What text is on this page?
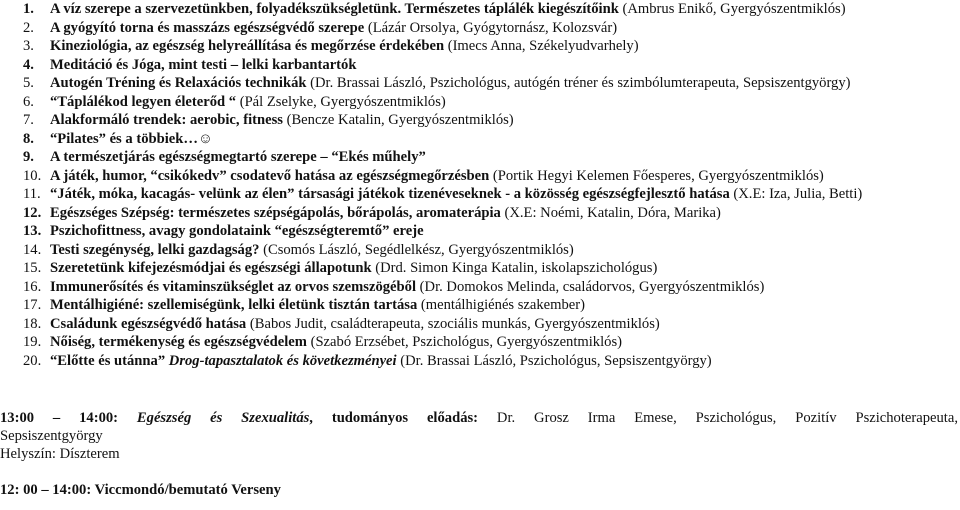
1. A víz szerepe a szervezetünkben, folyadékszükségletünk. Természetes táplálék kiegészítőink (Ambrus Enikő, Gyergyószentmiklós)
2. A gyógyító torna és masszázs egészségvédő szerepe (Lázár Orsolya, Gyógytornász, Kolozsvár)
3. Kineziológia, az egészség helyreállítása és megőrzése érdekében (Imecs Anna, Székelyudvarhely)
4. Meditáció és Jóga, mint testi – lelki karbantartók
5. Autogén Tréning és Relaxációs technikák (Dr. Brassai László, Pszichológus, autógén tréner és szimbólumterapeuta, Sepsiszentgyörgy)
6. “Táplálékod legyen életerőd “ (Pál Zselyke, Gyergyószentmiklós)
7. Alakformáló trendek: aerobic, fitness (Bencze Katalin, Gyergyószentmiklós)
8. “Pilates” és a többiek…☺
9. A természetjárás egészségmegtartó szerepe – “Ekés műhely”
10. A játék, humor, “csikókedv” csodatevő hatása az egészségmegőrzésben (Portik Hegyi Kelemen Főesperes, Gyergyószentmiklós)
11. “Játék, móka, kacagás- velünk az élen” társasági játékok tizenéveseknek - a közösség egészségfejlesztő hatása (X.E: Iza, Julia, Betti)
12. Egészséges Szépség: természetes szépségápolás, bőrápolás, aromaterápia (X.E: Noémi, Katalin, Dóra, Marika)
13. Pszichofittness, avagy gondolataink “egészségteremtő” ereje
14. Testi szegénység, lelki gazdagság? (Csomós László, Segédlelkész, Gyergyószentmiklós)
15. Szeretetünk kifejezésmódjai és egészségi állapotunk (Drd. Simon Kinga Katalin, iskolapszichológus)
16. Immunerősítés és vitaminszükséglet az orvos szemszögéből (Dr. Domokos Melinda, családorvos, Gyergyószentmiklós)
17. Mentálhigiéné: szellemiségünk, lelki életünk tisztán tartása (mentálhigiénés szakember)
18. Családunk egészségvédő hatása (Babos Judit, családterapeuta, szociális munkás, Gyergyószentmiklós)
19. Nőiség, termékenység és egészségvédelem (Szabó Erzsébet, Pszichológus, Gyergyószentmiklós)
20. “Előtte és utánna” Drog-tapasztalatok és következményei (Dr. Brassai László, Pszichológus, Sepsiszentgyörgy)

13:00 – 14:00: Egészség és Szexualitás, tudományos előadás: Dr. Grosz Irma Emese, Pszichológus, Pozitív Pszichoterapeuta,

Sepsiszentgyörgy

Helyszín: Díszterem

12: 00 – 14:00: Viccmondó/bemutató Verseny
